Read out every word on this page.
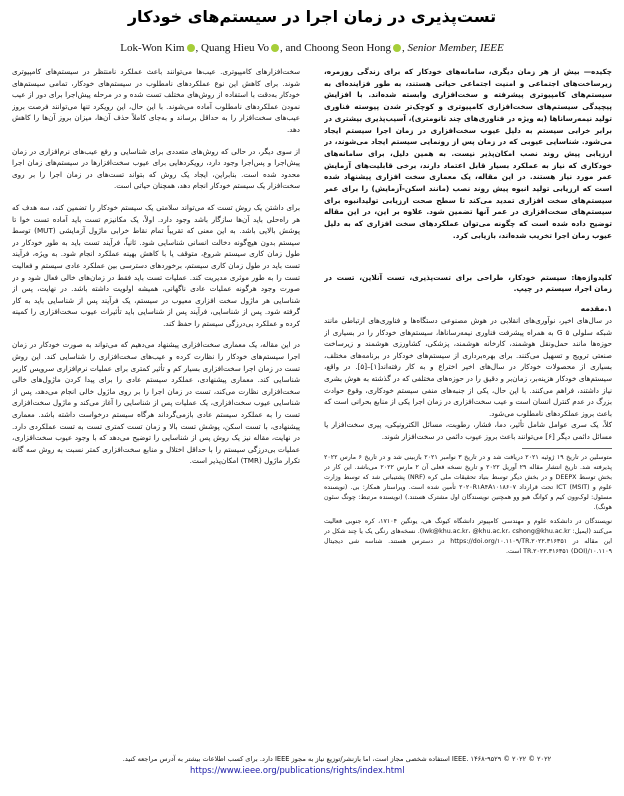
تست‌پذیری در زمان اجرا در سیستم‌های خودکار
Lok-Won Kim , Quang Hieu Vo , and Choong Seon Hong , Senior Member, IEEE

چکیده— بیش از هر زمان دیگری، سامانه‌های خودکار که برای زندگی روزمره، زیرساخت‌های اجتماعی و امنیت اجتماعی حیاتی هستند، به طور فزاینده‌ای به سیستم‌های کامپیوتری پیشرفته و سخت‌افزاری وابسته شده‌اند. با افزایش پیچیدگی سیستم‌های سخت‌افزاری کامپیوتری و کوچک‌تر شدن پیوسته فناوری تولید نیمه‌رساناها (به ویژه در فناوری‌های چند نانومتری)، آسیب‌پذیری بیشتری در برابر خرابی سیستم به دلیل عیوب سخت‌افزاری در زمان اجرا سیستم ایجاد می‌شود. شناسایی عیوبی که در زمان پس از رونمایی سیستم ایجاد می‌شوند، در ارزیابی پیش روند نصب امکان‌پذیر نیست. به همین دلیل، برای سامانه‌های خودکاری که نیاز به عملکرد بسیار قابل اعتماد دارند، برخی قابلیت‌های آزمایش عمر مورد نیاز هستند. در این مقاله، یک معماری سخت افزاری پیشنهاد شده است که ارزیابی تولید انبوه پیش روند نصب (مانند اسکن-آزمایش) را برای عمر سیستم‌های سخت افزاری تمدید می‌کند تا سطح صحت ارزیابی تولیدانبوه برای سیستم‌های سخت‌افزاری در عمر آنها تضمین شود. علاوه بر این، در این مقاله توضیح داده شده است که چگونه می‌توان عملکردهای سخت افزاری که به دلیل عیوب زمان اجرا تخریب شده‌اند، بازیابی کرد.

کلیدواژه‌ها: سیستم خودکار، طراحی برای تست‌پذیری، تست آنلاین، تست در زمان اجرا، سیستم در چیپ.

۱.مقدمه

در سال‌های اخیر، نوآوری‌های انقلابی در هوش مصنوعی دستگاه‌ها و فناوری‌های ارتباطی مانند شبکه سلولی ۵ G به همراه پیشرفت فناوری نیمه‌رساناها، سیستم‌های خودکار را در بسیاری از حوزه‌ها مانند حمل‌ونقل هوشمند، کارخانه هوشمند، پزشکی، کشاورزی هوشمند و زیرساخت صنعتی ترویج و تسهیل می‌کنند. برای بهره‌برداری از سیستم‌های خودکار در برنامه‌های مختلف، بسیاری از محصولات خودکار در سال‌های اخیر اختراع و به کار رفته‌اند[۱]–[۵]. در واقع، سیستم‌های خودکار هزینه‌بر، زمان‌بر و دقیق را در حوزه‌های مختلفی که در گذشته به هوش بشری نیاز داشتند، فراهم می‌کنند. با این حال، یکی از جنبه‌های منفی سیستم خودکاری، وقوع حوادث بزرگ در عدم کنترل انسان است و عیب سخت‌افزاری در زمان اجرا یکی از منابع بحرانی است که باعث بروز عملکردهای نامطلوب می‌شود.

کلاً، یک سری عوامل شامل تأثیر، دما، فشار، رطوبت، مسائل الکترونیکی، پیری سخت‌افزار یا مسائل دائمی دیگر [۶] می‌توانند باعث بروز عیوب دائمی در سخت‌افزار شوند.

متوسلین در تاریخ ۱۹ ژوئیه ۲۰۲۱ دریافت شد و در تاریخ ۳ نوامبر ۲۰۲۱ بازبینی شد و در تاریخ ۶ مارس ۲۰۲۲ پذیرفته شد. تاریخ انتشار مقاله ۲۹ آوریل ۲۰۲۲ و تاریخ نسخه فعلی آن ۲ مارس ۲۰۲۲ می‌باشد. این کار در بخش توسط DEEPX و در بخش دیگر توسط بنیاد تحقیقات ملی کره (NRF) پشتیبانی شد که توسط وزارت علوم و ICT (MSIT) تحت قرارداد ۲۰۲۰R۱A۴A۱۰۱۸۶۰۷ تأمین شده است. ویراستار همکار: بی. (نویسنده مسئول: لوک‌وون کیم و کوانگ هیو وو همچنین نویسندگان اول مشترک هستند.) (نویسنده مرتبط: چونگ سئون هونگ).

نویسندگان در دانشکده علوم و مهندسی کامپیوتر دانشگاه کیونگ هی، یونگین ۱۷۱۰۴، کره جنوبی فعالیت می‌کنند (ایمیل: lwk@khu.ac.kr، @khu.ac.kr، cshong@khu.ac.kr). نسخه‌های رنگی یک یا چند شکل در این مقاله در https://doi.org/۱۰.۱۱۰۹/TR.۲۰۲۲.۳۱۶۳۵۱ در دسترس هستند. شناسه شی دیجیتال ۱۰.۱۱۰۹/TR.۲۰۲۲.۳۱۶۳۵۱ (DOI) است.

سخت‌افزارهای کامپیوتری. عیب‌ها می‌توانند باعث عملکرد نامنتظر در سیستم‌های کامپیوتری شوند. برای کاهش این نوع عملکردهای نامطلوب در سیستم‌های خودکار، تمامی سیستم‌های خودکار به‌دقت با استفاده از روش‌های مختلف تست شده و در مرحله پیش‌اجرا برای دور از عیب نمودن عملکردهای نامطلوب آماده می‌شوند. با این حال، این رویکرد تنها می‌توانند فرصت بروز عیب‌های سخت‌افزار را به حداقل برساند و به‌جای کاملاً حذف آن‌ها، میزان بروز آن‌ها را کاهش دهد.

از سوی دیگر، در حالی که روش‌های متعددی برای شناسایی و رفع عیب‌های نرم‌افزاری در زمان پیش‌اجرا و پس‌اجرا وجود دارد، رویکردهایی برای عیوب سخت‌افزارها در سیستم‌های زمان اجرا محدود شده است. بنابراین، ایجاد یک روش که بتواند تست‌های در زمان اجرا را بر روی سخت‌افزار یک سیستم خودکار انجام دهد، همچنان حیاتی است.

برای داشتن یک روش تست که می‌تواند سلامتی یک سیستم خودکار را تضمین کند، سه هدف که هر راه‌حلی باید آن‌ها سازگار باشد وجود دارد. اولاً، یک مکانیزم تست باید آماده تست خوا تا پوشش بالایی باشد. به این معنی که تقریباً تمام نقاط خرابی ماژول آزمایشی (MUT) توسط سیستم بدون هیچ‌گونه دخالت انسانی شناسایی شود. ثانیاً، فرآیند تست باید به طور خودکار در طول زمان کاری سیستم شروع، متوقف یا با کاهش بهینه عملکرد انجام شود. به ویژه، فرآیند تست باید در طول زمان کاری سیستم، برخوردهای دسترسی بین عملکرد عادی سیستم و فعالیت تست را به طور موثری مدیریت کند. عملیات تست باید فقط در زمان‌های خالی فعال شود و در صورت وجود هرگونه عملیات عادی ناگهانی، همیشه اولویت داشته باشد. در نهایت، پس از شناسایی هر ماژول سخت افزاری معیوب در سیستم، یک فرآیند پس از شناسایی باید به کار گرفته شود. پس از شناسایی، فرآیند پس از شناسایی باید تأثیرات عیوب سخت‌افزاری را کمینه کرده و عملکرد بی‌درزگی سیستم را حفظ کند.

در این مقاله، یک معماری سخت‌افزاری پیشنهاد می‌دهیم که می‌تواند به صورت خودکار در زمان اجرا سیستم‌های خودکار را نظارت کرده و عیب‌های سخت‌افزاری را شناسایی کند. این روش تست در زمان اجرا سخت‌افزاری بسیار کم و تأثیر کمتری برای عملیات نرم‌افزاری سرویس کاربر شناسایی کند. معماری پیشنهادی، عملکرد سیستم عادی را برای پیدا کردن ماژول‌های خالی سخت‌افزاری نظارت می‌کند، تست در زمان اجرا را بر روی ماژول خالی انجام می‌دهد، پس از شناسایی عیوب سخت‌افزاری، یک عملیات پس از شناسایی را آغاز می‌کند و ماژول سخت‌افزاری تست را به عملکرد سیستم عادی بازمی‌گرداند هرگاه سیستم درخواست داشته باشد. معماری پیشنهادی، با تست اسکن، پوشش تست بالا و زمان تست کمتری تست به تست عملکردی دارد. در نهایت، مقاله نیز یک روش پس از شناسایی را توضیح می‌دهد که با وجود عیوب سخت‌افزاری، عملیات بی‌درزگی سیستم را با حداقل اختلال و منابع سخت‌افزاری کمتر نسبت به روش سه گانه تکرار ماژول (TMR) امکان‌پذیر است.

۲۰۲۲ © IEEE. ۱۴۶۸-۹۵۲۹ © ۲۰۲۲ استفاده شخصی مجاز است، اما بازنشر/توزیع نیاز به مجوز IEEE دارد. برای کسب اطلاعات بیشتر به آدرس مراجعه کنید.
https://www.ieee.org/publications/rights/index.html
